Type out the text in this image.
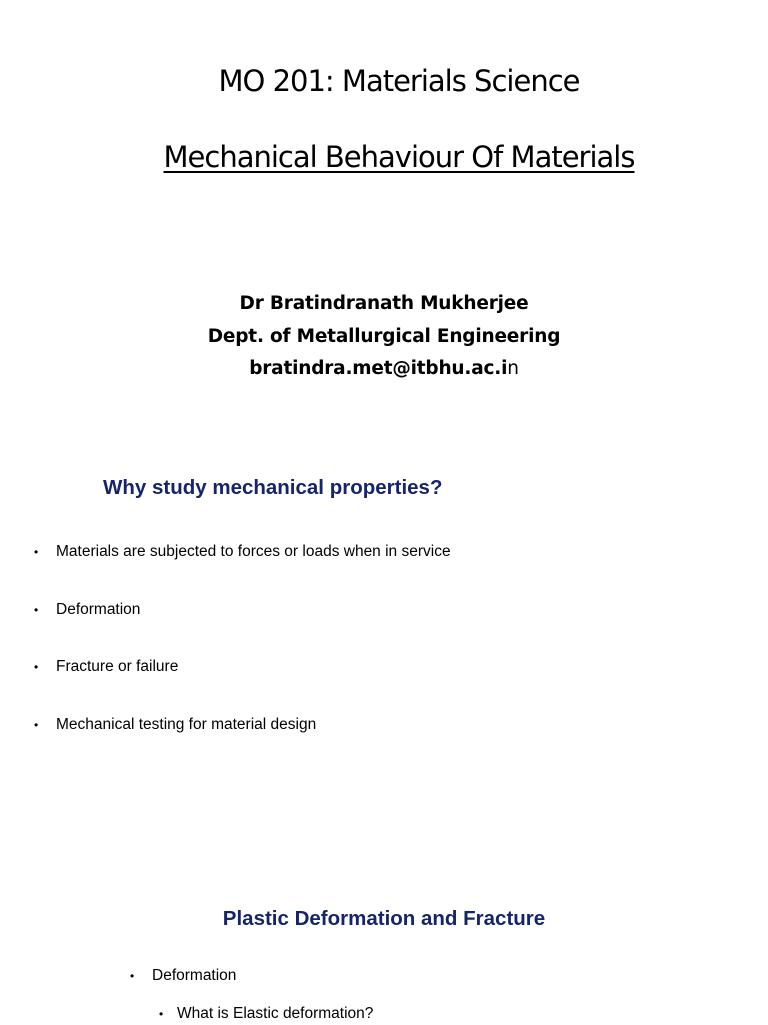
MO 201: Materials Science
Mechanical Behaviour Of Materials
Dr Bratindranath Mukherjee
Dept. of Metallurgical Engineering
bratindra.met@itbhu.ac.in
Why study mechanical properties?
• Materials are subjected to forces or loads when in service
• Deformation
• Fracture or failure
• Mechanical testing for material design
Plastic Deformation and Fracture
• Deformation
• What is Elastic deformation?
